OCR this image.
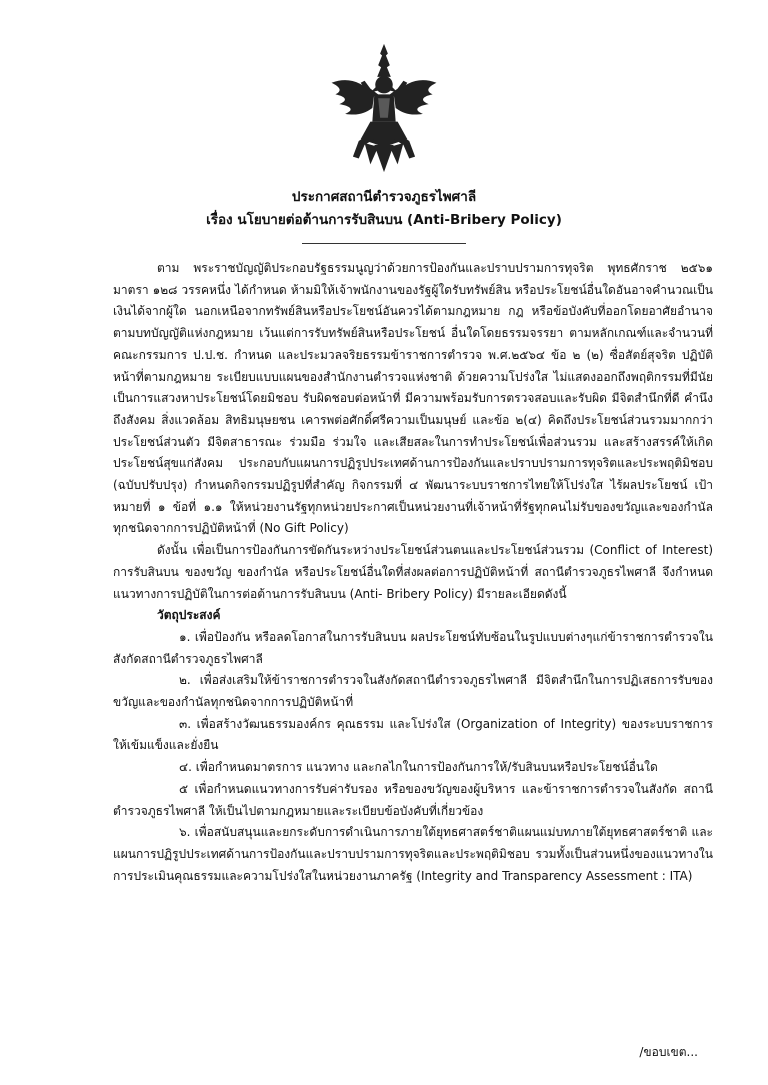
ประกาศสถานีตำรวจภูธรไพศาลี
เรื่อง นโยบายต่อต้านการรับสินบน (Anti-Bribery Policy)

ตาม พระราชบัญญัติประกอบรัฐธรรมนูญว่าด้วยการป้องกันและปราบปรามการทุจริต พุทธศักราช ๒๕๖๑ มาตรา ๑๒๘ วรรคหนึ่ง ได้กำหนด ห้ามมิให้เจ้าพนักงานของรัฐผู้ใดรับทรัพย์สิน หรือประโยชน์อื่นใดอันอาจคำนวณเป็นเงินได้จากผู้ใด นอกเหนือจากทรัพย์สินหรือประโยชน์อันควรได้ตามกฎหมาย กฎ หรือข้อบังคับที่ออกโดยอาศัยอำนาจตามบทบัญญัติแห่งกฎหมาย เว้นแต่การรับทรัพย์สินหรือประโยชน์ อื่นใดโดยธรรมจรรยา ตามหลักเกณฑ์และจำนวนที่คณะกรรมการ ป.ป.ช. กำหนด และประมวลจริยธรรมข้าราชการตำรวจ พ.ศ.๒๕๖๔ ข้อ ๒ (๒) ซื่อสัตย์สุจริต ปฏิบัติหน้าที่ตามกฎหมาย ระเบียบแบบแผนของสำนักงานตำรวจแห่งชาติ ด้วยความโปร่งใส ไม่แสดงออกถึงพฤติกรรมที่มีนัยเป็นการแสวงหาประโยชน์โดยมิชอบ รับผิดชอบต่อหน้าที่ มีความพร้อมรับการตรวจสอบและรับผิด มีจิตสำนึกที่ดี คำนึงถึงสังคม สิ่งแวดล้อม สิทธิมนุษยชน เคารพต่อศักดิ์ศรีความเป็นมนุษย์ และข้อ ๒(๔) คิดถึงประโยชน์ส่วนรวมมากกว่าประโยชน์ส่วนตัว มีจิตสาธารณะ ร่วมมือ ร่วมใจ และเสียสละในการทำประโยชน์เพื่อส่วนรวม และสร้างสรรค์ให้เกิดประโยชน์สุขแก่สังคม ประกอบกับแผนการปฏิรูปประเทศด้านการป้องกันและปราบปรามการทุจริตและประพฤติมิชอบ (ฉบับปรับปรุง) กำหนดกิจกรรมปฏิรูปที่สำคัญ กิจกรรมที่ ๔ พัฒนาระบบราชการไทยให้โปร่งใส ไร้ผลประโยชน์ เป้าหมายที่ ๑ ข้อที่ ๑.๑ ให้หน่วยงานรัฐทุกหน่วยประกาศเป็นหน่วยงานที่เจ้าหน้าที่รัฐทุกคนไม่รับของขวัญและของกำนัลทุกชนิดจากการปฏิบัติหน้าที่ (No Gift Policy)

ดังนั้น เพื่อเป็นการป้องกันการขัดกันระหว่างประโยชน์ส่วนตนและประโยชน์ส่วนรวม (Conflict of Interest) การรับสินบน ของขวัญ ของกำนัล หรือประโยชน์อื่นใดที่ส่งผลต่อการปฏิบัติหน้าที่ สถานีตำรวจภูธรไพศาลี จึงกำหนดแนวทางการปฏิบัติในการต่อต้านการรับสินบน (Anti- Bribery Policy) มีรายละเอียดดังนี้

วัตถุประสงค์

๑. เพื่อป้องกัน หรือลดโอกาสในการรับสินบน ผลประโยชน์ทับซ้อนในรูปแบบต่างๆแก่ข้าราชการตำรวจในสังกัดสถานีตำรวจภูธรไพศาลี

๒. เพื่อส่งเสริมให้ข้าราชการตำรวจในสังกัดสถานีตำรวจภูธรไพศาลี มีจิตสำนึกในการปฏิเสธการรับของขวัญและของกำนัลทุกชนิดจากการปฏิบัติหน้าที่

๓. เพื่อสร้างวัฒนธรรมองค์กร คุณธรรม และโปร่งใส (Organization of Integrity) ของระบบราชการให้เข้มแข็งและยั่งยืน

๔. เพื่อกำหนดมาตรการ แนวทาง และกลไกในการป้องกันการให้/รับสินบนหรือประโยชน์อื่นใด

๕ เพื่อกำหนดแนวทางการรับค่ารับรอง หรือของขวัญของผู้บริหาร และข้าราชการตำรวจในสังกัด สถานีตำรวจภูธรไพศาลี ให้เป็นไปตามกฎหมายและระเบียบข้อบังคับที่เกี่ยวข้อง

๖. เพื่อสนับสนุนและยกระดับการดำเนินการภายใต้ยุทธศาสตร์ชาติแผนแม่บทภายใต้ยุทธศาสตร์ชาติ และแผนการปฏิรูปประเทศด้านการป้องกันและปราบปรามการทุจริตและประพฤติมิชอบ รวมทั้งเป็นส่วนหนึ่งของแนวทางในการประเมินคุณธรรมและความโปร่งใสในหน่วยงานภาครัฐ (Integrity and Transparency Assessment : ITA)

/ขอบเขต...
